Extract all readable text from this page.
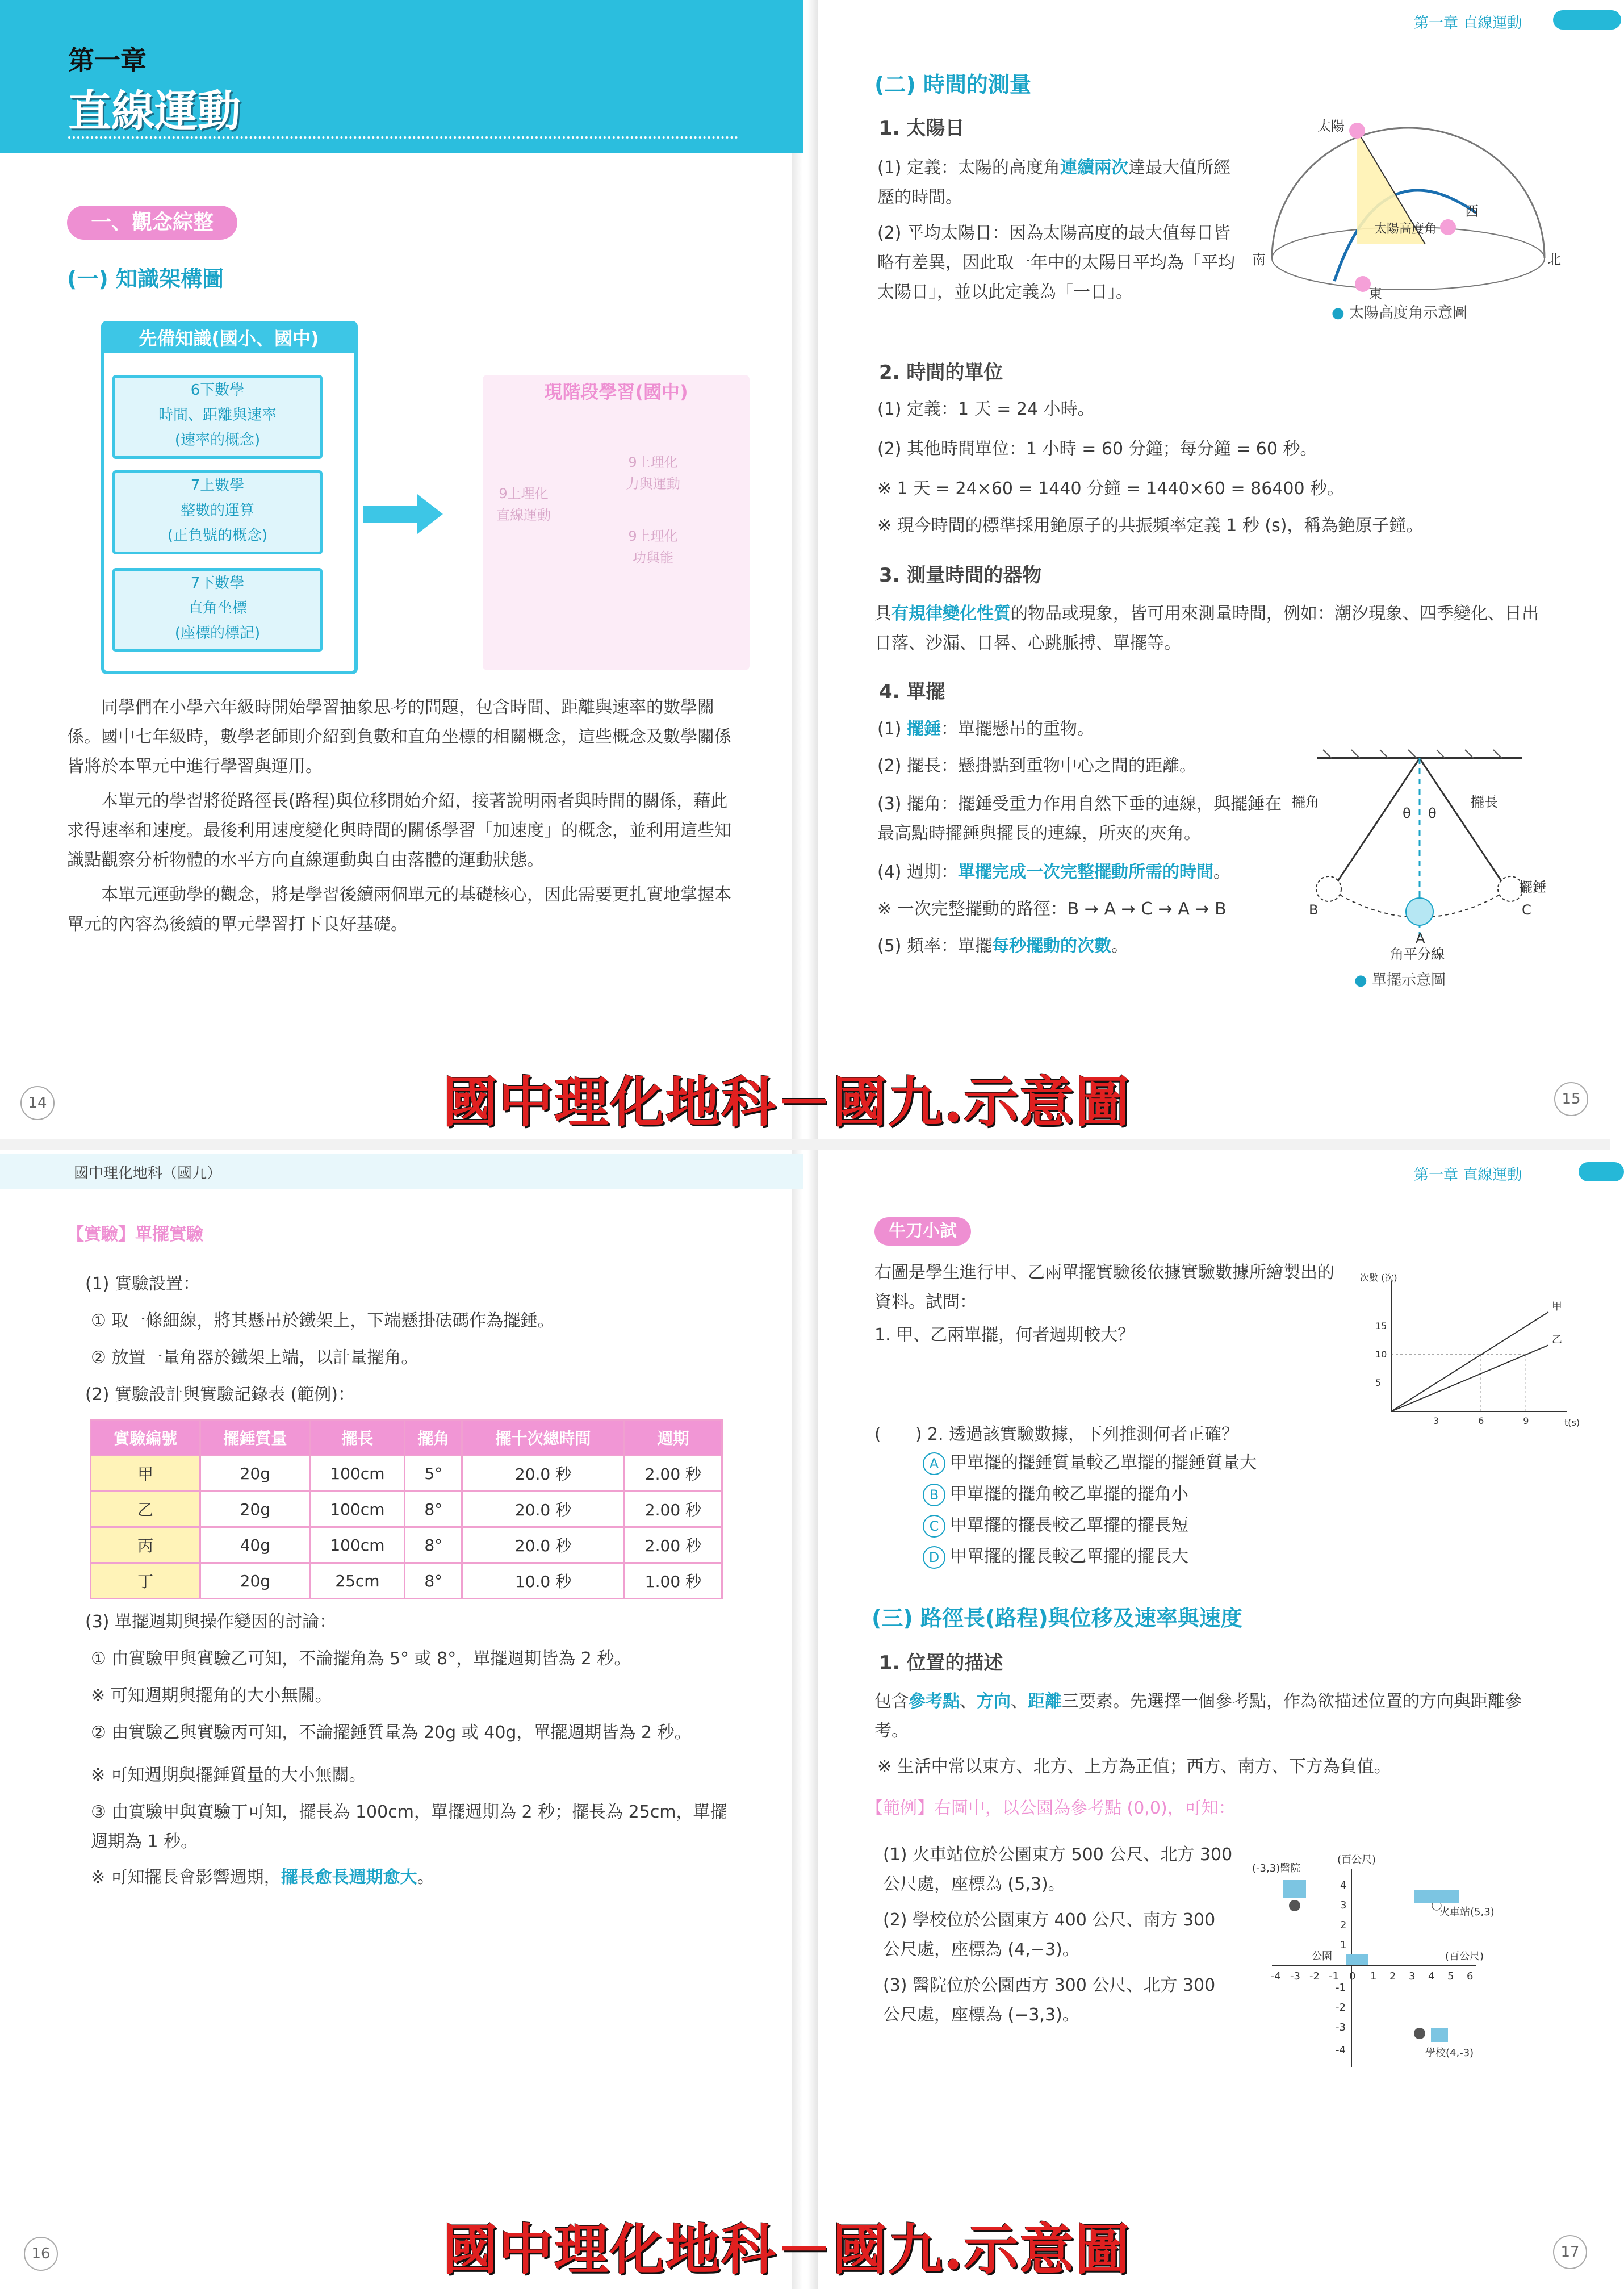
第一章
直線運動
一、觀念綜整
(一) 知識架構圖
先備知識(國小、國中)
6下數學
時間、距離與速率
(速率的概念)
7上數學
整數的運算
(正負號的概念)
7下數學
直角坐標
(座標的標記)
現階段學習(國中)
9上理化
直線運動
9上理化
力與運動
9上理化
功與能
同學們在小學六年級時開始學習抽象思考的問題，包含時間、距離與速率的數學關係。國中七年級時，數學老師則介紹到負數和直角坐標的相關概念，這些概念及數學關係皆將於本單元中進行學習與運用。
本單元的學習將從路徑長(路程)與位移開始介紹，接著說明兩者與時間的關係，藉此求得速率和速度。最後利用速度變化與時間的關係學習「加速度」的概念，並利用這些知識點觀察分析物體的水平方向直線運動與自由落體的運動狀態。
本單元運動學的觀念，將是學習後續兩個單元的基礎核心，因此需要更扎實地掌握本單元的內容為後續的單元學習打下良好基礎。
14
第一章 直線運動
(二) 時間的測量
1. 太陽日
(1) 定義：太陽的高度角連續兩次達最大值所經歷的時間。
(2) 平均太陽日：因為太陽高度的最大值每日皆略有差異，因此取一年中的太陽日平均為「平均太陽日」，並以此定義為「一日」。
太陽
西
南	北
東
太陽高度角
● 太陽高度角示意圖
2. 時間的單位
(1) 定義：1 天 = 24 小時。
(2) 其他時間單位：1 小時 = 60 分鐘；每分鐘 = 60 秒。
※ 1 天 = 24×60 = 1440 分鐘 = 1440×60 = 86400 秒。
※ 現今時間的標準採用銫原子的共振頻率定義 1 秒 (s)，稱為銫原子鐘。
3. 測量時間的器物
具有規律變化性質的物品或現象，皆可用來測量時間，例如：潮汐現象、四季變化、日出日落、沙漏、日晷、心跳脈搏、單擺等。
4. 單擺
(1) 擺錘：單擺懸吊的重物。
(2) 擺長：懸掛點到重物中心之間的距離。
(3) 擺角：擺錘受重力作用自然下垂的連線，與擺錘在最高點時擺錘與擺長的連線，所夾的夾角。
(4) 週期：單擺完成一次完整擺動所需的時間。
※ 一次完整擺動的路徑：B → A → C → A → B
(5) 頻率：單擺每秒擺動的次數。
擺角	擺長
擺錘
θ θ
B
A
C
角平分線
● 單擺示意圖
15
國中理化地科（國九）
【實驗】單擺實驗
(1) 實驗設置：
① 取一條細線，將其懸吊於鐵架上，下端懸掛砝碼作為擺錘。
② 放置一量角器於鐵架上端，以計量擺角。
(2) 實驗設計與實驗記錄表 (範例)：
實驗編號	擺錘質量	擺長	擺角	擺十次總時間	週期
甲	20g	100cm	5°	20.0 秒	2.00 秒
乙	20g	100cm	8°	20.0 秒	2.00 秒
丙	40g	100cm	8°	20.0 秒	2.00 秒
丁	20g	25cm	8°	10.0 秒	1.00 秒
(3) 單擺週期與操作變因的討論：
① 由實驗甲與實驗乙可知，不論擺角為 5° 或 8°，單擺週期皆為 2 秒。
※ 可知週期與擺角的大小無關。
② 由實驗乙與實驗丙可知，不論擺錘質量為 20g 或 40g，單擺週期皆為 2 秒。
※ 可知週期與擺錘質量的大小無關。
③ 由實驗甲與實驗丁可知，擺長為 100cm，單擺週期為 2 秒；擺長為 25cm，單擺週期為 1 秒。
※ 可知擺長會影響週期，擺長愈長週期愈大。
16
第一章 直線運動
牛刀小試
右圖是學生進行甲、乙兩單擺實驗後依據實驗數據所繪製出的資料。試問：
1. 甲、乙兩單擺，何者週期較大？
次數 (次)
t(s)
3	6	9
5
10
15
甲
乙
(　　) 2. 透過該實驗數據，下列推測何者正確？
A 甲單擺的擺錘質量較乙單擺的擺錘質量大
B 甲單擺的擺角較乙單擺的擺角小
C 甲單擺的擺長較乙單擺的擺長短
D 甲單擺的擺長較乙單擺的擺長大
(三) 路徑長(路程)與位移及速率與速度
1. 位置的描述
包含參考點、方向、距離三要素。先選擇一個參考點，作為欲描述位置的方向與距離參考。
※ 生活中常以東方、北方、上方為正值；西方、南方、下方為負值。
【範例】右圖中，以公園為參考點 (0,0)，可知：
(1) 火車站位於公園東方 500 公尺、北方 300 公尺處，座標為 (5,3)。
(2) 學校位於公園東方 400 公尺、南方 300 公尺處，座標為 (4,−3)。
(3) 醫院位於公園西方 300 公尺、北方 300 公尺處，座標為 (−3,3)。
-4 -3 -2 -1 0 1 2 3 4 5 6
4
3
2
1
-1
-2
-3
-4
(-3,3)醫院
火車站(5,3)
學校(4,-3)
公園
(百公尺)
(百公尺)
17
國中理化地科－國九.示意圖
國中理化地科－國九.示意圖
